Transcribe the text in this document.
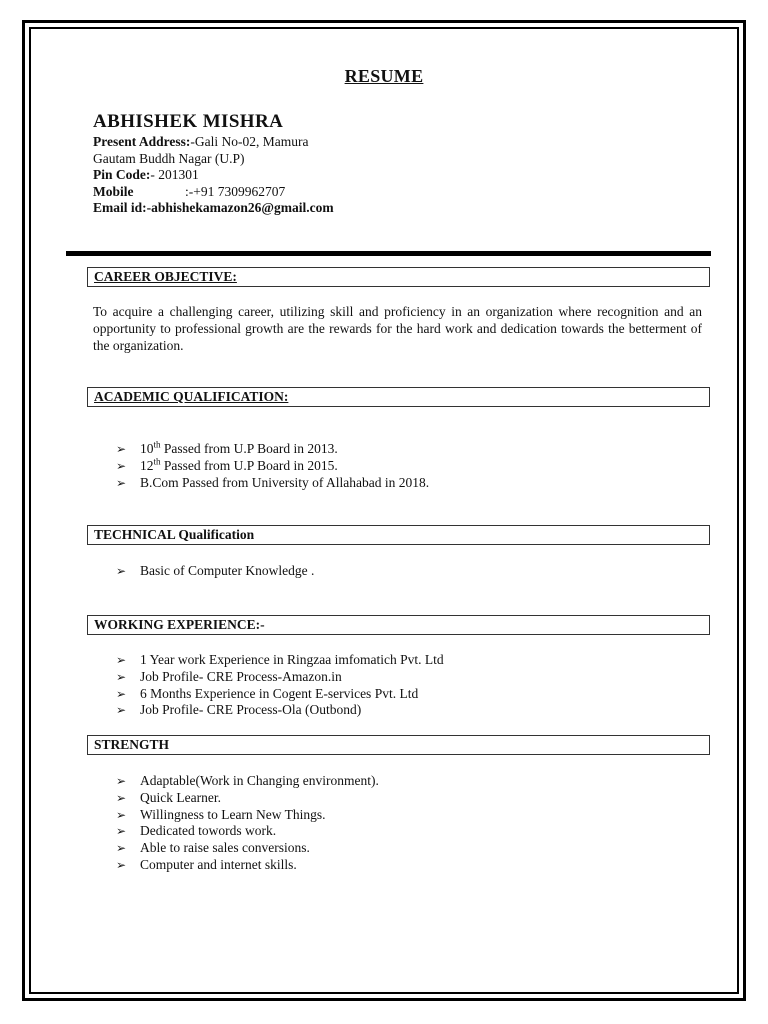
RESUME
ABHISHEK MISHRA
Present Address:-Gali No-02, Mamura
Gautam Buddh Nagar (U.P)
Pin Code:- 201301
Mobile	:-+91 7309962707
Email id:-abhishekamazon26@gmail.com
CAREER OBJECTIVE:
To acquire a challenging career, utilizing skill and proficiency in an organization where recognition and an opportunity to professional growth are the rewards for the hard work and dedication towards the betterment of the organization.
ACADEMIC QUALIFICATION:
➢ 10th Passed from U.P Board in 2013.
➢ 12th Passed from U.P Board in 2015.
➢ B.Com Passed from University of Allahabad in 2018.
TECHNICAL Qualification
➢ Basic of Computer Knowledge .
WORKING EXPERIENCE:-
➢ 1 Year work Experience in Ringzaa imfomatich Pvt. Ltd
➢ Job Profile- CRE Process-Amazon.in
➢ 6 Months Experience in Cogent E-services Pvt. Ltd
➢ Job Profile- CRE Process-Ola (Outbond)
STRENGTH
➢ Adaptable(Work in Changing environment).
➢ Quick Learner.
➢ Willingness to Learn New Things.
➢ Dedicated towords work.
➢ Able to raise sales conversions.
➢ Computer and internet skills.
